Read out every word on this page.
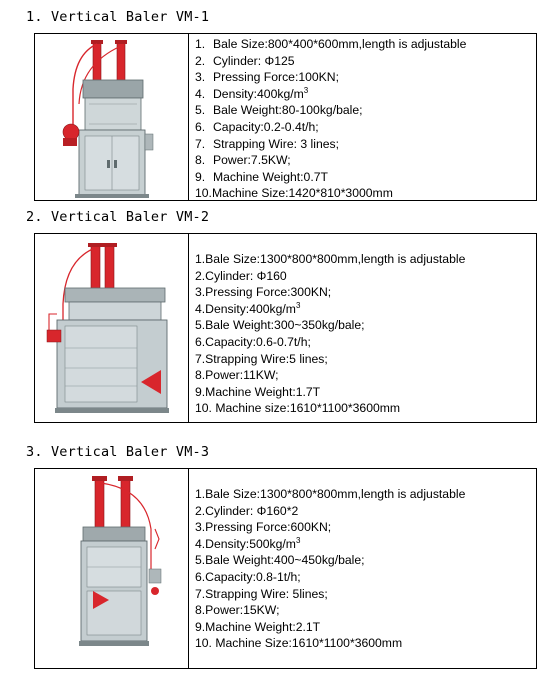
1. Vertical Baler VM-1
1. Bale Size:800*400*600mm,length is adjustable
2. Cylinder: Φ125
3. Pressing Force:100KN;
4. $Density:400kg/m^3$
5. Bale Weight:80-100kg/bale;
6. Capacity:0.2-0.4t/h;
7. Strapping Wire: 3 lines;
8. Power:7.5KW;
9. Machine Weight:0.7T
10.Machine Size:1420*810*3000mm
2. Vertical Baler VM-2
1.Bale Size:1300*800*800mm,length is adjustable
2.Cylinder: Φ160
3.Pressing Force:300KN;
$4.Density:400kg/m^3$
5.Bale Weight:300~350kg/bale;
6.Capacity:0.6-0.7t/h;
7.Strapping Wire:5 lines;
8.Power:11KW;
9.Machine Weight:1.7T
10. Machine size:1610*1100*3600mm
3. Vertical Baler VM-3
1.Bale Size:1300*800*800mm,length is adjustable
2.Cylinder: Φ160*2
3.Pressing Force:600KN;
$4.Density:500kg/m^3$
5.Bale Weight:400~450kg/bale;
6.Capacity:0.8-1t/h;
7.Strapping Wire: 5lines;
8.Power:15KW;
9.Machine Weight:2.1T
10. Machine Size:1610*1100*3600mm
